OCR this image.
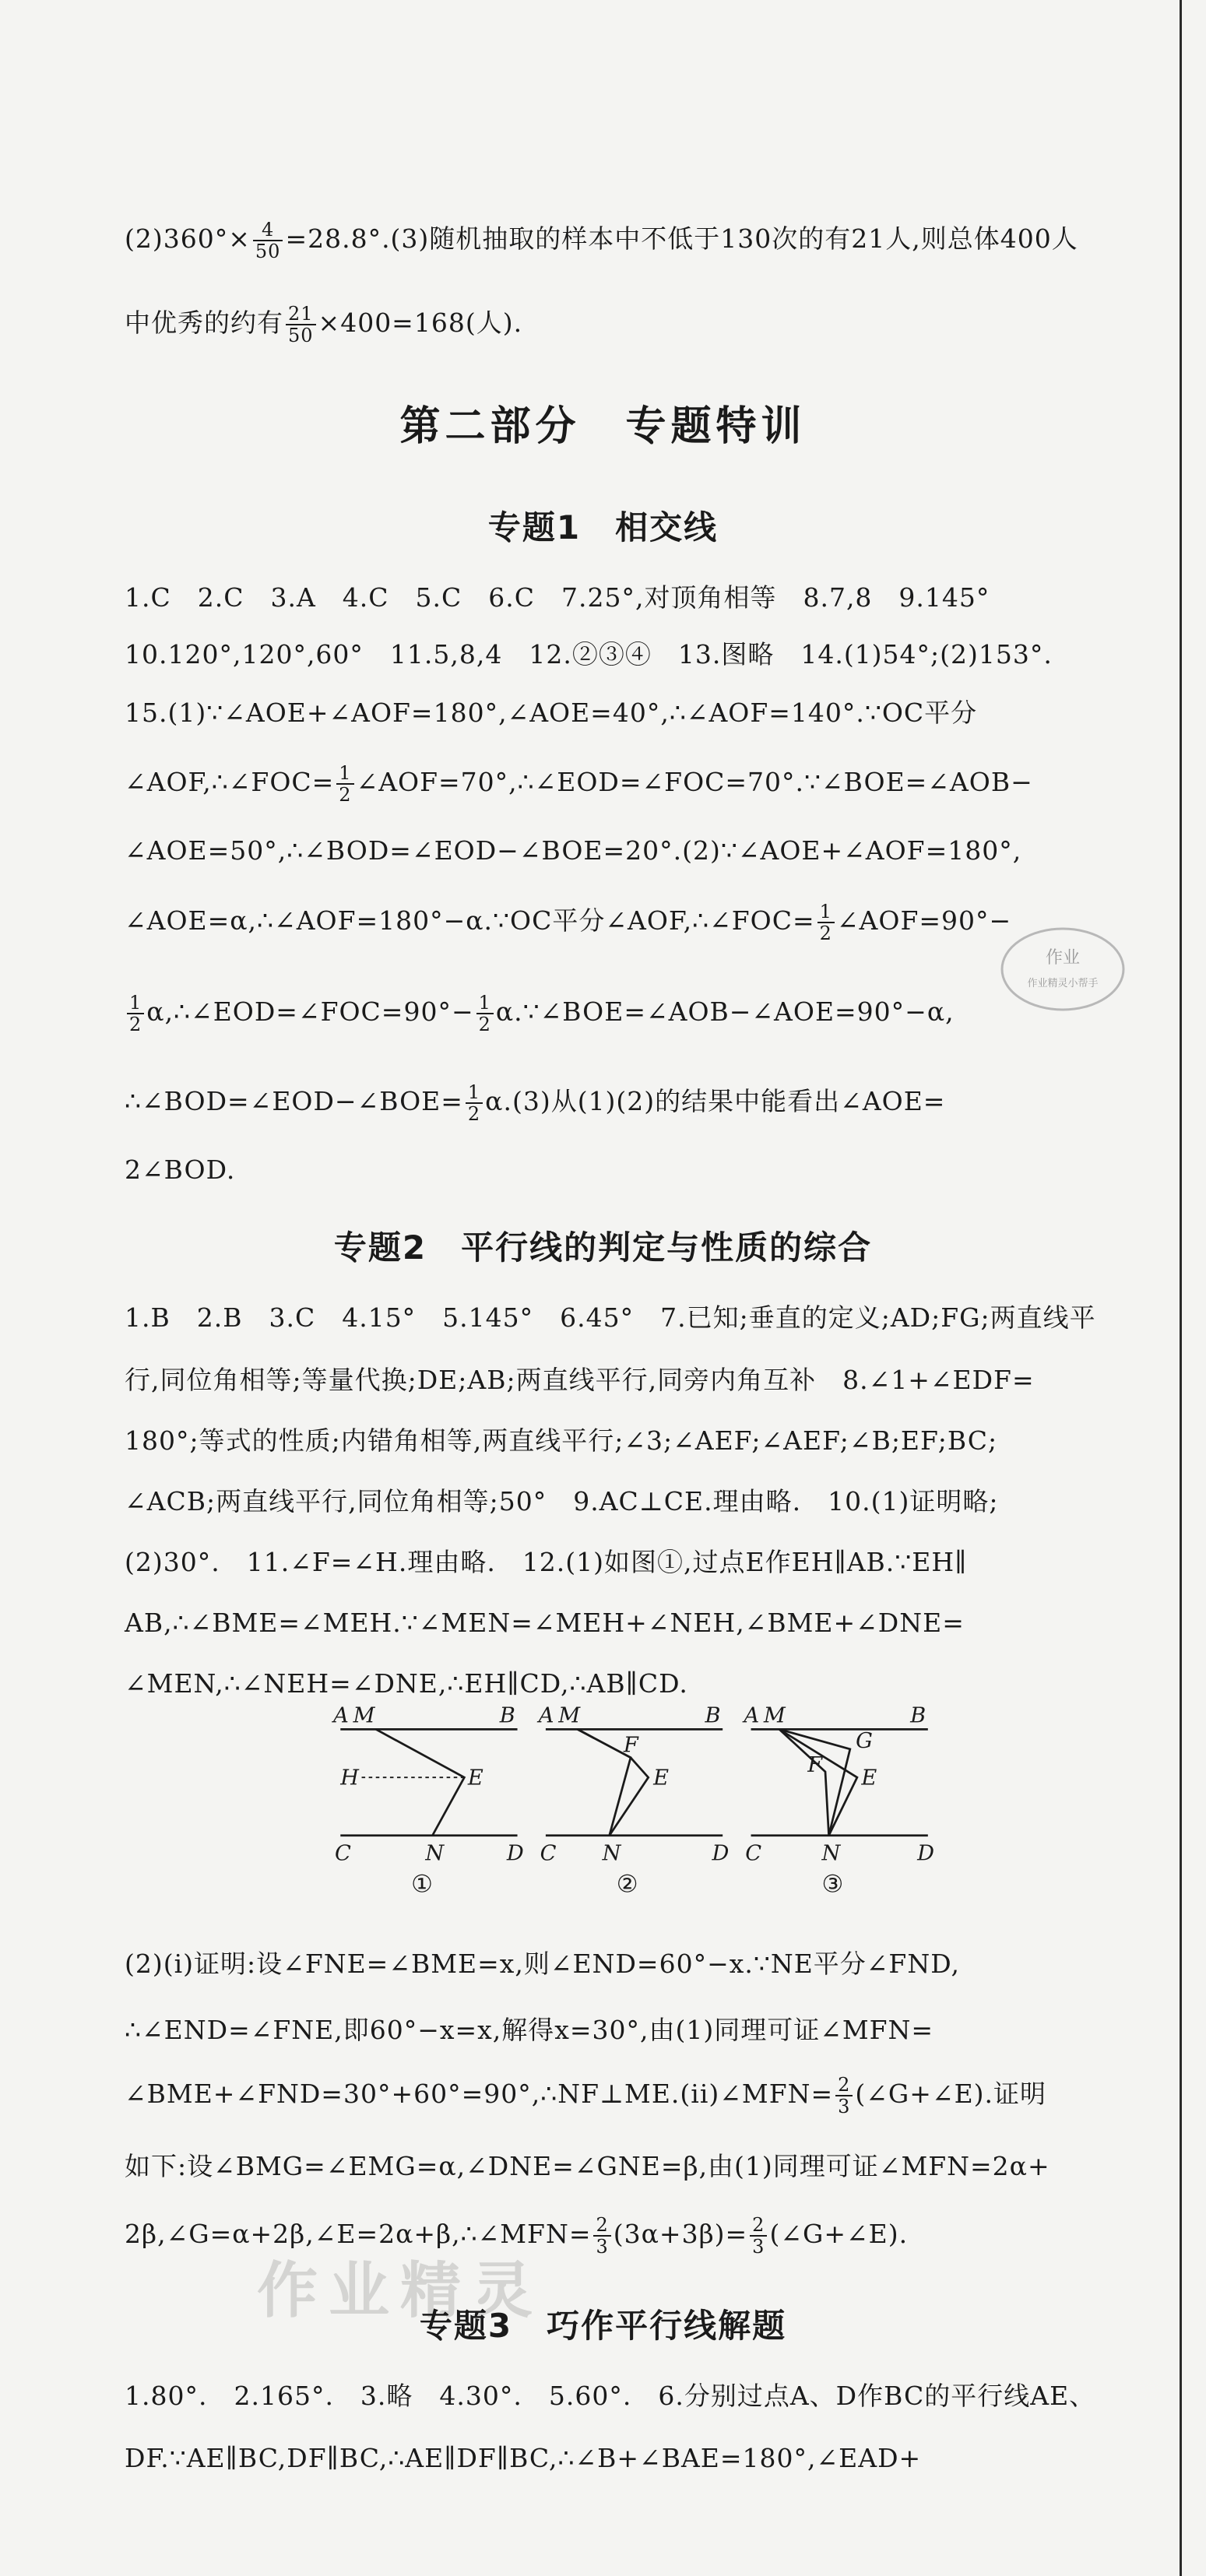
$(2)360^\circ\times \frac{4}{50} =28.8^\circ.(3)$随机抽取的样本中不低于130次的有21人,则总体400人
中优秀的约有 $\frac{21}{50} \times 400=168$(人).
第二部分　专题特训
专题1　相交线
1.C　2.C　3.A　4.C　5.C　6.C　7.25°,对顶角相等　8.7,8　9.145°
10.120°,120°,60°　11.5,8,4　12.②③④　13.图略　14.(1)54°;(2)153°.
15.(1)∵∠AOE+∠AOF=180°,∠AOE=40°,∴∠AOF=140°.∵OC平分
∠AOF,∴∠FOC= $\frac{1}{2}$ ∠AOF=70°,∴∠EOD=∠FOC=70°.∵∠BOE=∠AOB−
∠AOE=50°,∴∠BOD=∠EOD−∠BOE=20°.(2)∵∠AOE+∠AOF=180°,
∠AOE=α,∴∠AOF=180°−α.∵OC平分∠AOF,∴∠FOC= $\frac{1}{2}$ ∠AOF=90°−
$\frac{1}{2}$ α,∴∠EOD=∠FOC=90°− $\frac{1}{2}$ α.∵∠BOE=∠AOB−∠AOE=90°−α,
∴∠BOD=∠EOD−∠BOE= $\frac{1}{2} \alpha.(3)$从(1)(2)的结果中能看出∠AOE=
2∠BOD.
作业
作业精灵小帮手
专题2　平行线的判定与性质的综合
1.B　2.B　3.C　4.15°　5.145°　6.45°　7.已知;垂直的定义;AD;FG;两直线平
行,同位角相等;等量代换;DE;AB;两直线平行,同旁内角互补　8.∠1+∠EDF=
180°;等式的性质;内错角相等,两直线平行;∠3;∠AEF;∠AEF;∠B;EF;BC;
∠ACB;两直线平行,同位角相等;50°　9.AC⊥CE.理由略.　10.(1)证明略;
(2)30°.　11.∠F=∠H.理由略.　12.(1)如图①,过点E作EH∥AB.∵EH∥
AB,∴∠BME=∠MEH.∵∠MEN=∠MEH+∠NEH,∠BME+∠DNE=
∠MEN,∴∠NEH=∠DNE,∴EH∥CD,∴AB∥CD.
A M	B
H	E
C	N	D
①
A M	B
F
E
C N	D
②
A M	B
G
F
E
C	N	D
③
(2)(i)证明:设∠FNE=∠BME=x,则∠END=60°−x.∵NE平分∠FND,
∴∠END=∠FNE,即60°−x=x,解得x=30°,由(1)同理可证∠MFN=
∠BME+∠FND=30°+60°=90°,∴NF⊥ME.(ii)∠MFN= $\frac{2}{3}$ (∠G+∠E).证明
如下:设∠BMG=∠EMG=α,∠DNE=∠GNE=β,由(1)同理可证∠MFN=2α+
2β,∠G=α+2β,∠E=2α+β,∴∠MFN= $\frac{2}{3} (3\alpha+3\beta)= \frac{2}{3}$ (∠G+∠E).
作业精灵
专题3　巧作平行线解题
1.80°.　2.165°.　3.略　4.30°.　5.60°.　6.分别过点A、D作BC的平行线AE、
DF.∵AE∥BC,DF∥BC,∴AE∥DF∥BC,∴∠B+∠BAE=180°,∠EAD+
